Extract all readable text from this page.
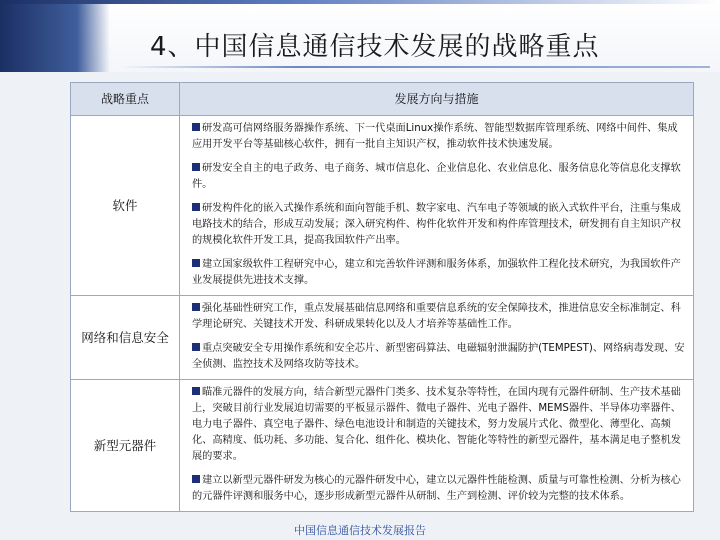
4、中国信息通信技术发展的战略重点
战略重点	发展方向与措施
软件	研发高可信网络服务器操作系统、下一代桌面Linux操作系统、智能型数据库管理系统、网络中间件、集成应用开发平台等基础核心软件，拥有一批自主知识产权，推动软件技术快速发展。
研发安全自主的电子政务、电子商务、城市信息化、企业信息化、农业信息化、服务信息化等信息化支撑软件。
研发构件化的嵌入式操作系统和面向智能手机、数字家电、汽车电子等领域的嵌入式软件平台，注重与集成电路技术的结合，形成互动发展；深入研究构件、构件化软件开发和构件库管理技术，研发拥有自主知识产权的规模化软件开发工具，提高我国软件产出率。
建立国家级软件工程研究中心，建立和完善软件评测和服务体系，加强软件工程化技术研究，为我国软件产业发展提供先进技术支撑。

网络和信息安全	强化基础性研究工作，重点发展基础信息网络和重要信息系统的安全保障技术，推进信息安全标准制定、科学理论研究、关键技术开发、科研成果转化以及人才培养等基础性工作。
重点突破安全专用操作系统和安全芯片、新型密码算法、电磁辐射泄漏防护(TEMPEST)、网络病毒发现、安全侦测、监控技术及网络攻防等技术。

新型元器件	瞄准元器件的发展方向，结合新型元器件门类多、技术复杂等特性，在国内现有元器件研制、生产技术基础上，突破目前行业发展迫切需要的平板显示器件、微电子器件、光电子器件、MEMS器件、半导体功率器件、电力电子器件、真空电子器件、绿色电池设计和制造的关键技术，努力发展片式化、微型化、薄型化、高频化、高精度、低功耗、多功能、复合化、组件化、模块化、智能化等特性的新型元器件，基本满足电子整机发展的要求。
建立以新型元器件研发为核心的元器件研发中心，建立以元器件性能检测、质量与可靠性检测、分析为核心的元器件评测和服务中心，逐步形成新型元器件从研制、生产到检测、评价较为完整的技术体系。
中国信息通信技术发展报告
